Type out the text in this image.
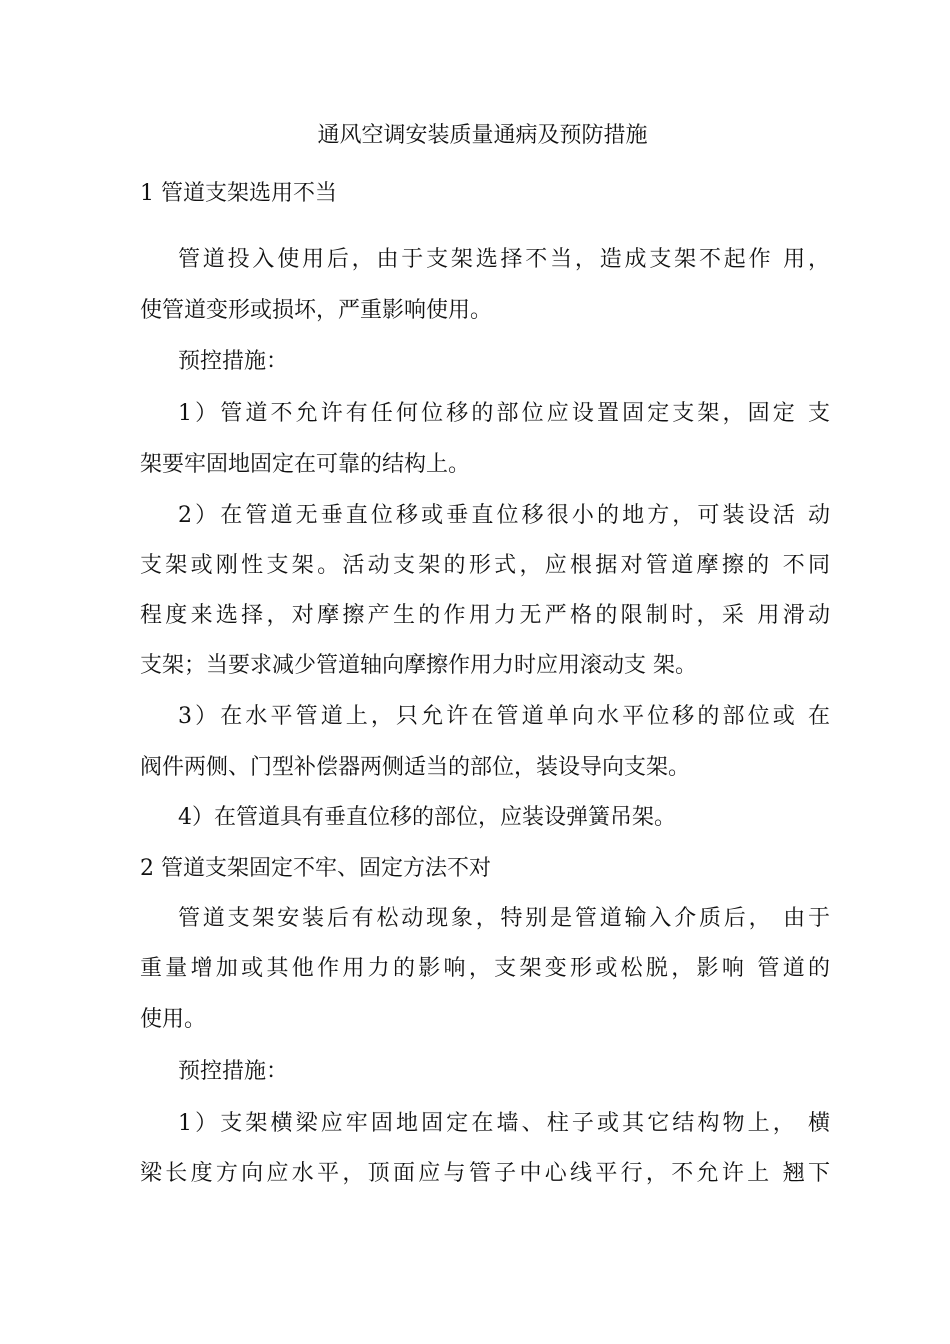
通风空调安装质量通病及预防措施
1 管道支架选用不当
管道投入使用后，由于支架选择不当，造成支架不起作 用，
使管道变形或损坏，严重影响使用。
预控措施：
1）管道不允许有任何位移的部位应设置固定支架，固定 支
架要牢固地固定在可靠的结构上。
2）在管道无垂直位移或垂直位移很小的地方，可装设活 动
支架或刚性支架。活动支架的形式，应根据对管道摩擦的 不同
程度来选择，对摩擦产生的作用力无严格的限制时，采 用滑动
支架；当要求减少管道轴向摩擦作用力时应用滚动支 架。
3）在水平管道上，只允许在管道单向水平位移的部位或 在
阀件两侧、门型补偿器两侧适当的部位，装设导向支架。
4）在管道具有垂直位移的部位，应装设弹簧吊架。
2 管道支架固定不牢、固定方法不对
管道支架安装后有松动现象，特别是管道输入介质后， 由于
重量增加或其他作用力的影响，支架变形或松脱，影响 管道的
使用。
预控措施：
1）支架横梁应牢固地固定在墙、柱子或其它结构物上， 横
梁长度方向应水平，顶面应与管子中心线平行，不允许上 翘下
